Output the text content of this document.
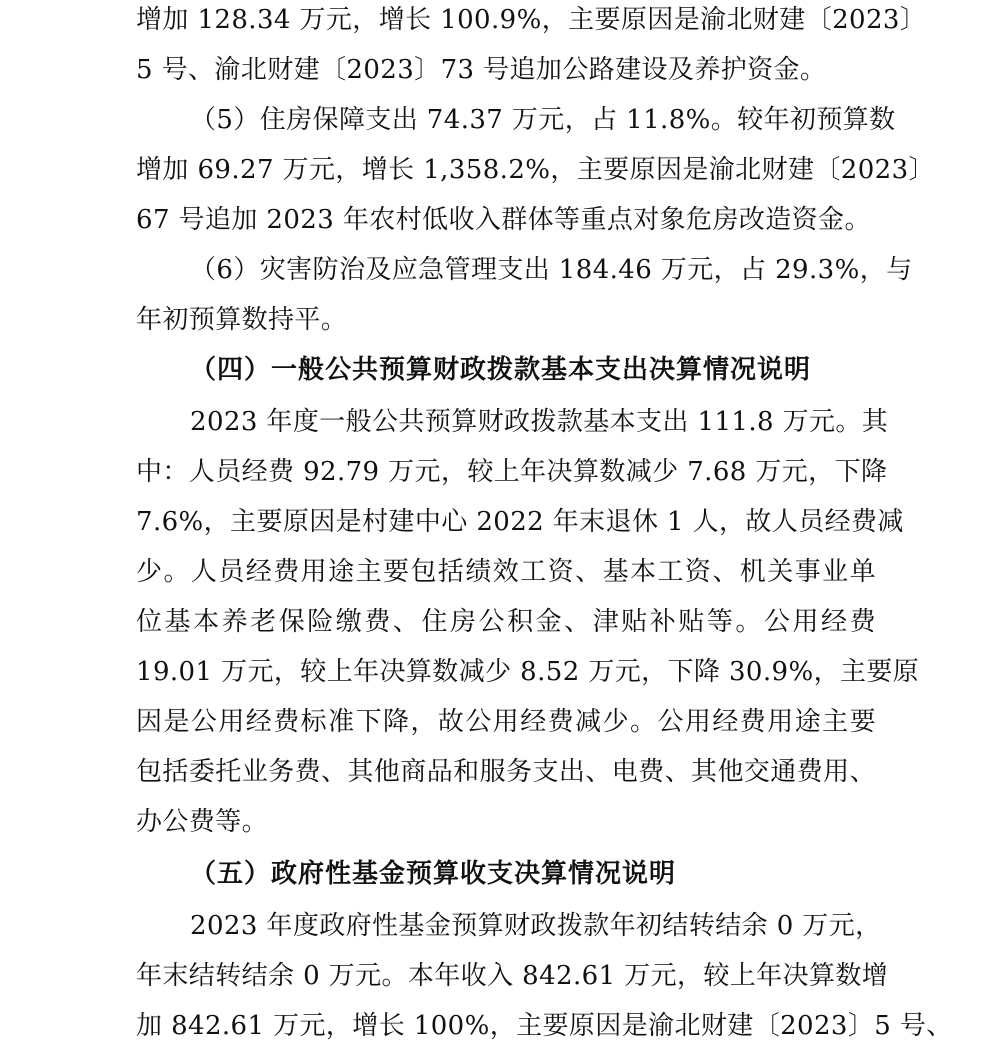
增加 128.34 万元，增长 100.9%，主要原因是渝北财建〔2023〕
5 号、渝北财建〔2023〕73 号追加公路建设及养护资金。
（5）住房保障支出 74.37 万元，占 11.8%。较年初预算数
增加 69.27 万元，增长 1,358.2%，主要原因是渝北财建〔2023〕
67 号追加 2023 年农村低收入群体等重点对象危房改造资金。
（6）灾害防治及应急管理支出 184.46 万元，占 29.3%，与
年初预算数持平。
（四）一般公共预算财政拨款基本支出决算情况说明
2023 年度一般公共预算财政拨款基本支出 111.8 万元。其
中：人员经费 92.79 万元，较上年决算数减少 7.68 万元，下降
7.6%，主要原因是村建中心 2022 年末退休 1 人，故人员经费减
少。人员经费用途主要包括绩效工资、基本工资、机关事业单
位基本养老保险缴费、住房公积金、津贴补贴等。公用经费
19.01 万元，较上年决算数减少 8.52 万元，下降 30.9%，主要原
因是公用经费标准下降，故公用经费减少。公用经费用途主要
包括委托业务费、其他商品和服务支出、电费、其他交通费用、
办公费等。
（五）政府性基金预算收支决算情况说明
2023 年度政府性基金预算财政拨款年初结转结余 0 万元，
年末结转结余 0 万元。本年收入 842.61 万元，较上年决算数增
加 842.61 万元，增长 100%，主要原因是渝北财建〔2023〕5 号、
